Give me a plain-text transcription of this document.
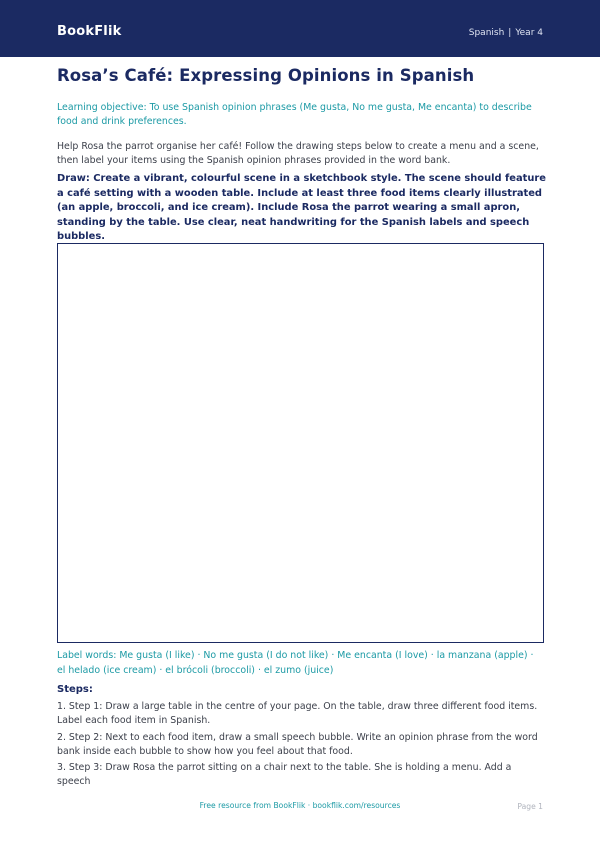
BookFlik	Spanish | Year 4
Rosa’s Café: Expressing Opinions in Spanish

Learning objective: To use Spanish opinion phrases (Me gusta, No me gusta, Me encanta) to describe food and drink preferences.

Help Rosa the parrot organise her café! Follow the drawing steps below to create a menu and a scene, then label your items using the Spanish opinion phrases provided in the word bank.

Draw: Create a vibrant, colourful scene in a sketchbook style. The scene should feature a café setting with a wooden table. Include at least three food items clearly illustrated (an apple, broccoli, and ice cream). Include Rosa the parrot wearing a small apron, standing by the table. Use clear, neat handwriting for the Spanish labels and speech bubbles.

Label words: Me gusta (I like) · No me gusta (I do not like) · Me encanta (I love) · la manzana (apple) · el helado (ice cream) · el brócoli (broccoli) · el zumo (juice)

Steps:

1. Step 1: Draw a large table in the centre of your page. On the table, draw three different food items. Label each food item in Spanish.

2. Step 2: Next to each food item, draw a small speech bubble. Write an opinion phrase from the word bank inside each bubble to show how you feel about that food.

3. Step 3: Draw Rosa the parrot sitting on a chair next to the table. She is holding a menu. Add a speech

Free resource from BookFlik · bookflik.com/resources	Page 1
